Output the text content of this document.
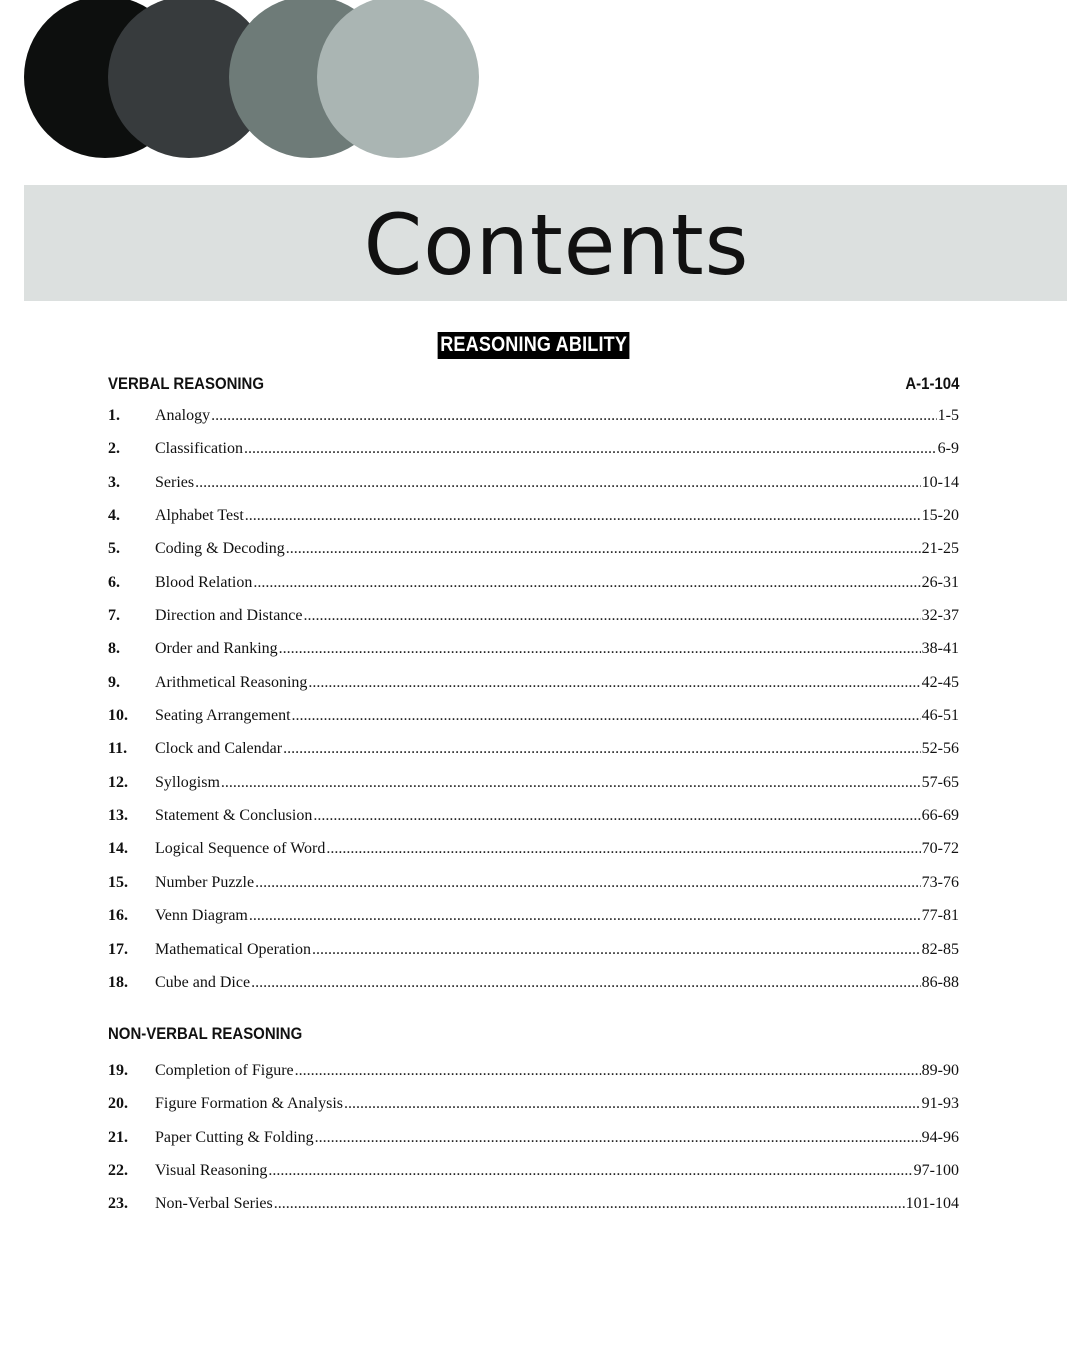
Contents
REASONING ABILITY
VERBAL REASONING	A-1-104
1.	Analogy .....	1-5
2.	Classification .....	6-9
3.	Series .....	10-14
4.	Alphabet Test .....	15-20
5.	Coding & Decoding .....	21-25
6.	Blood Relation .....	26-31
7.	Direction and Distance .....	32-37
8.	Order and Ranking .....	38-41
9.	Arithmetical Reasoning .....	42-45
10.	Seating Arrangement .....	46-51
11.	Clock and Calendar .....	52-56
12.	Syllogism .....	57-65
13.	Statement & Conclusion .....	66-69
14.	Logical Sequence of Word .....	70-72
15.	Number Puzzle .....	73-76
16.	Venn Diagram .....	77-81
17.	Mathematical Operation .....	82-85
18.	Cube and Dice .....	86-88
NON-VERBAL REASONING
19.	Completion of Figure .....	89-90
20.	Figure Formation & Analysis .....	91-93
21.	Paper Cutting & Folding .....	94-96
22.	Visual Reasoning .....	97-100
23.	Non-Verbal Series .....	101-104
